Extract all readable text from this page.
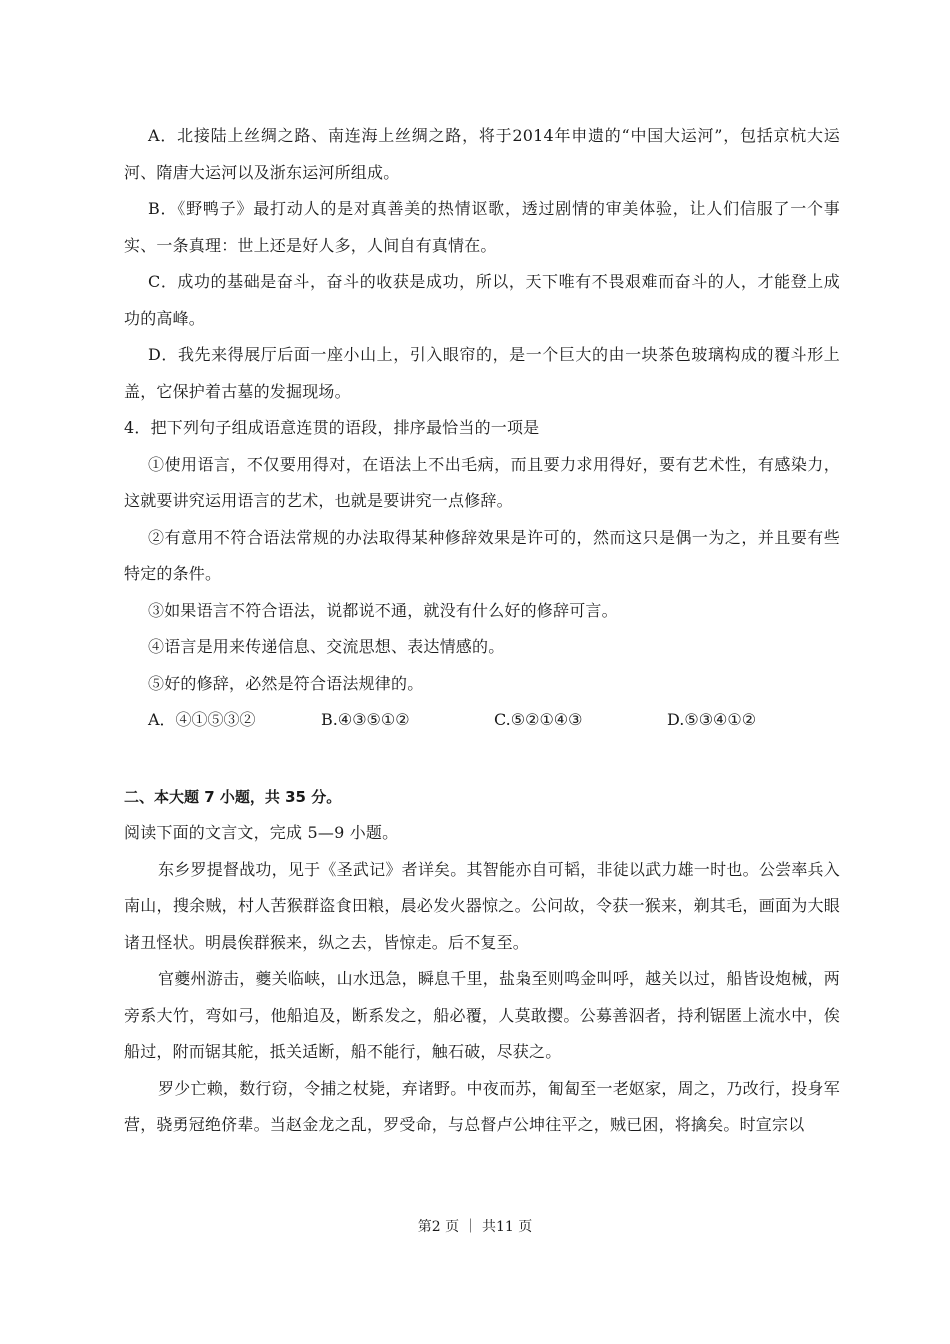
A．北接陆上丝绸之路、南连海上丝绸之路，将于2014年申遗的“中国大运河”，包括京杭大运河、隋唐大运河以及浙东运河所组成。

B．《野鸭子》最打动人的是对真善美的热情讴歌，透过剧情的审美体验，让人们信服了一个事实、一条真理：世上还是好人多，人间自有真情在。

C．成功的基础是奋斗，奋斗的收获是成功，所以，天下唯有不畏艰难而奋斗的人，才能登上成功的高峰。

D．我先来得展厅后面一座小山上，引入眼帘的，是一个巨大的由一块茶色玻璃构成的覆斗形上盖，它保护着古墓的发掘现场。

4．把下列句子组成语意连贯的语段，排序最恰当的一项是

①使用语言，不仅要用得对，在语法上不出毛病，而且要力求用得好，要有艺术性，有感染力，这就要讲究运用语言的艺术，也就是要讲究一点修辞。

②有意用不符合语法常规的办法取得某种修辞效果是许可的，然而这只是偶一为之，并且要有些特定的条件。

③如果语言不符合语法，说都说不通，就没有什么好的修辞可言。

④语言是用来传递信息、交流思想、表达情感的。

⑤好的修辞，必然是符合语法规律的。

A．④①⑤③②	B.④③⑤①②	C.⑤②①④③	D.⑤③④①②
二、本大题 7 小题，共 35 分。

阅读下面的文言文，完成 5—9 小题。

东乡罗提督战功，见于《圣武记》者详矣。其智能亦自可韬，非徒以武力雄一时也。公尝率兵入南山，搜余贼，村人苦猴群盗食田粮，晨必发火器惊之。公问故，令获一猴来，剃其毛，画面为大眼诸丑怪状。明晨俟群猴来，纵之去，皆惊走。后不复至。

官夔州游击，夔关临峡，山水迅急，瞬息千里，盐枭至则鸣金叫呼，越关以过，船皆设炮械，两旁系大竹，弯如弓，他船追及，断系发之，船必覆，人莫敢撄。公募善泅者，持利锯匿上流水中，俟船过，附而锯其舵，抵关适断，船不能行，触石破，尽获之。

罗少亡赖，数行窃，令捕之杖毙，弃诸野。中夜而苏，匍匐至一老妪家，周之，乃改行，投身军营，骁勇冠绝侪辈。当赵金龙之乱，罗受命，与总督卢公坤往平之，贼已困，将擒矣。时宣宗以

第2 页 ｜ 共11 页
